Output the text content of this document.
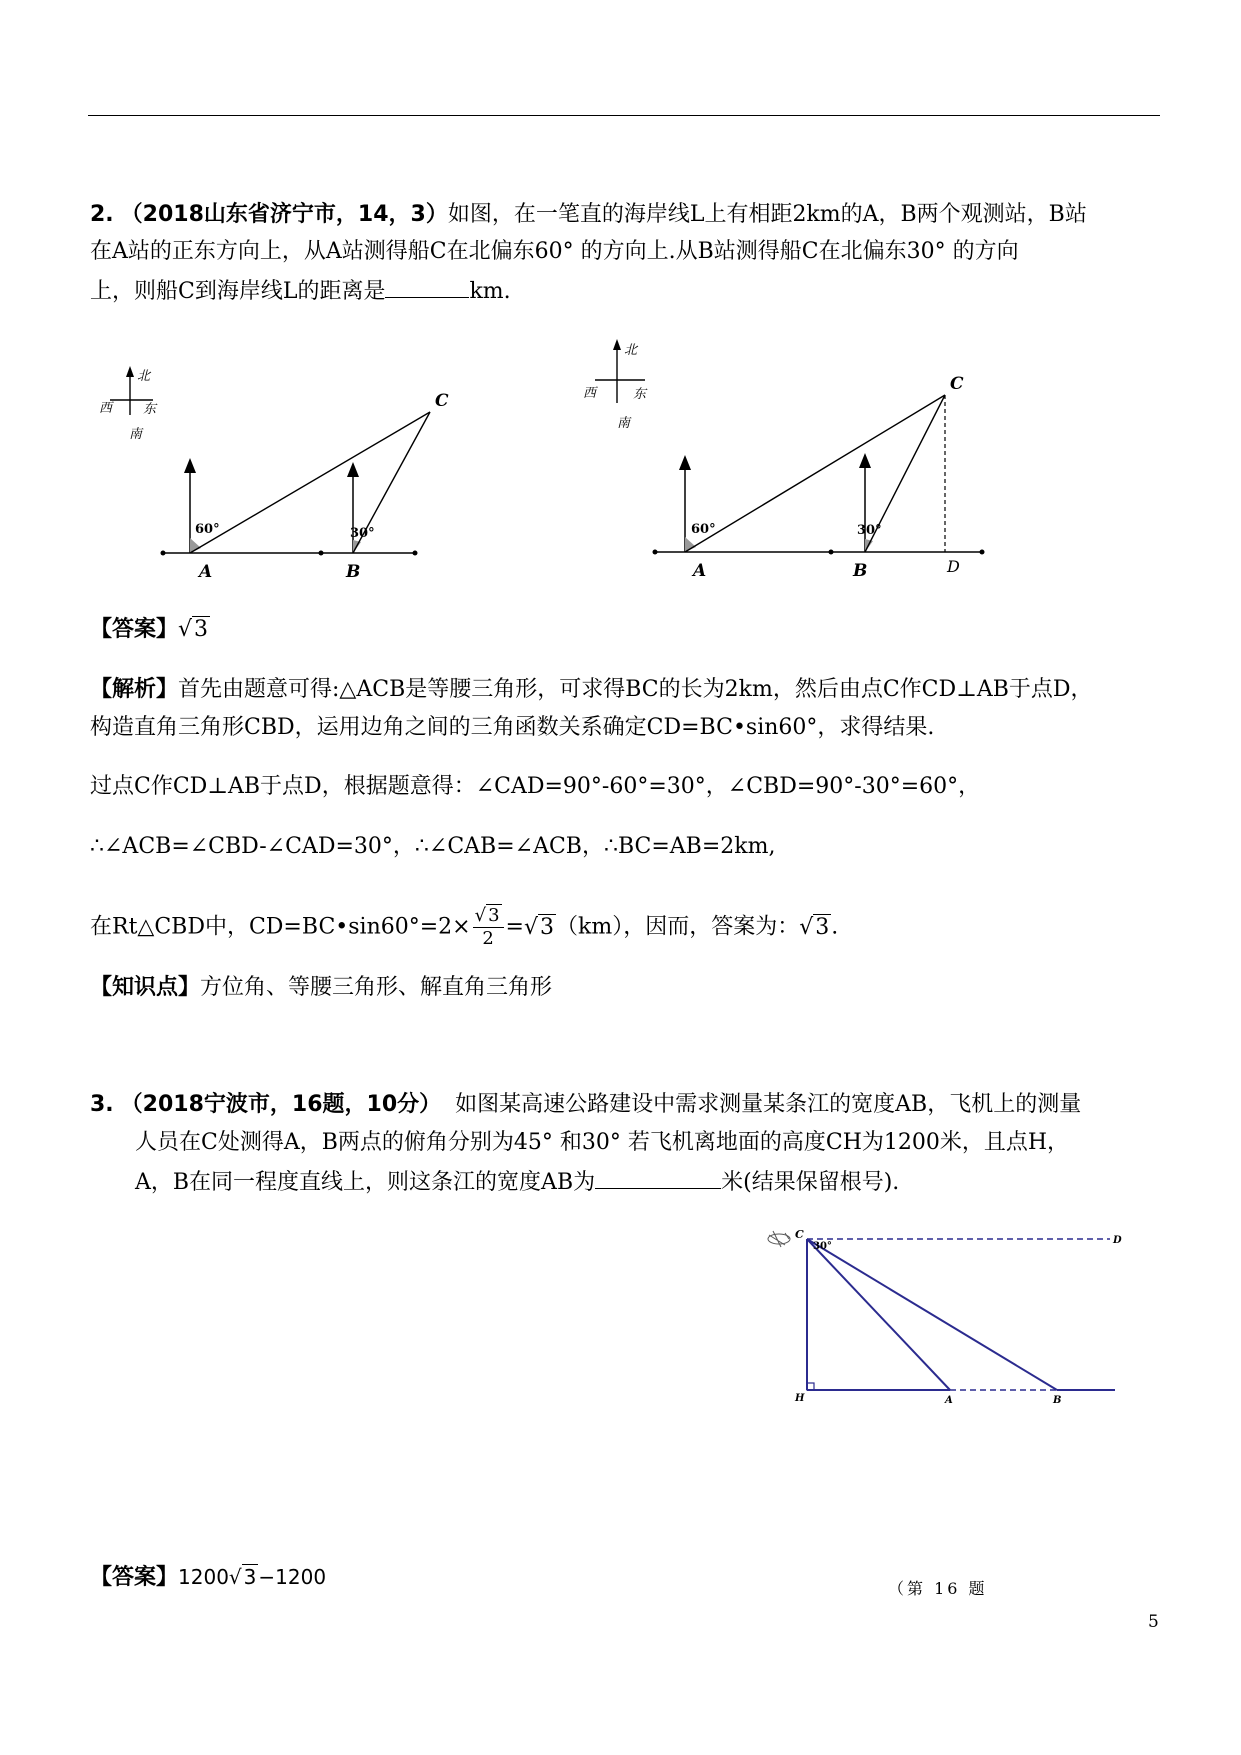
2. （2018山东省济宁市，14，3）如图，在一笔直的海岸线L上有相距2km的A，B两个观测站，B站
在A站的正东方向上，从A站测得船C在北偏东60° 的方向上.从B站测得船C在北偏东30° 的方向
上，则船C到海岸线L的距离是	km.
北
西 东
南
60°	30°
A	B
C
北
西	东
南
60°	30°
A	B
C
D
【答案】√3
【解析】首先由题意可得:△ACB是等腰三角形，可求得BC的长为2km，然后由点C作CD⊥AB于点D，
构造直角三角形CBD，运用边角之间的三角函数关系确定CD=BC•sin60°，求得结果.
过点C作CD⊥AB于点D，根据题意得：∠CAD=90°-60°=30°，∠CBD=90°-30°=60°，
∴∠ACB=∠CBD-∠CAD=30°，∴∠CAB=∠ACB，∴BC=AB=2km,
在Rt△CBD中，CD=BC•sin60°=2× $\frac{√ 3}{2} =√3(km)$，因而，答案为：√3.
【知识点】方位角、等腰三角形、解直角三角形
3. （2018宁波市，16题，10分） 如图某高速公路建设中需求测量某条江的宽度AB，飞机上的测量
人员在C处测得A，B两点的俯角分别为45° 和30° 若飞机离地面的高度CH为1200米，且点H，
A，B在同一程度直线上，则这条江的宽度AB为	米(结果保留根号).
C
30°
D
H	A	B
【答案】1200√ 3 −1200	（第 16 题
5
